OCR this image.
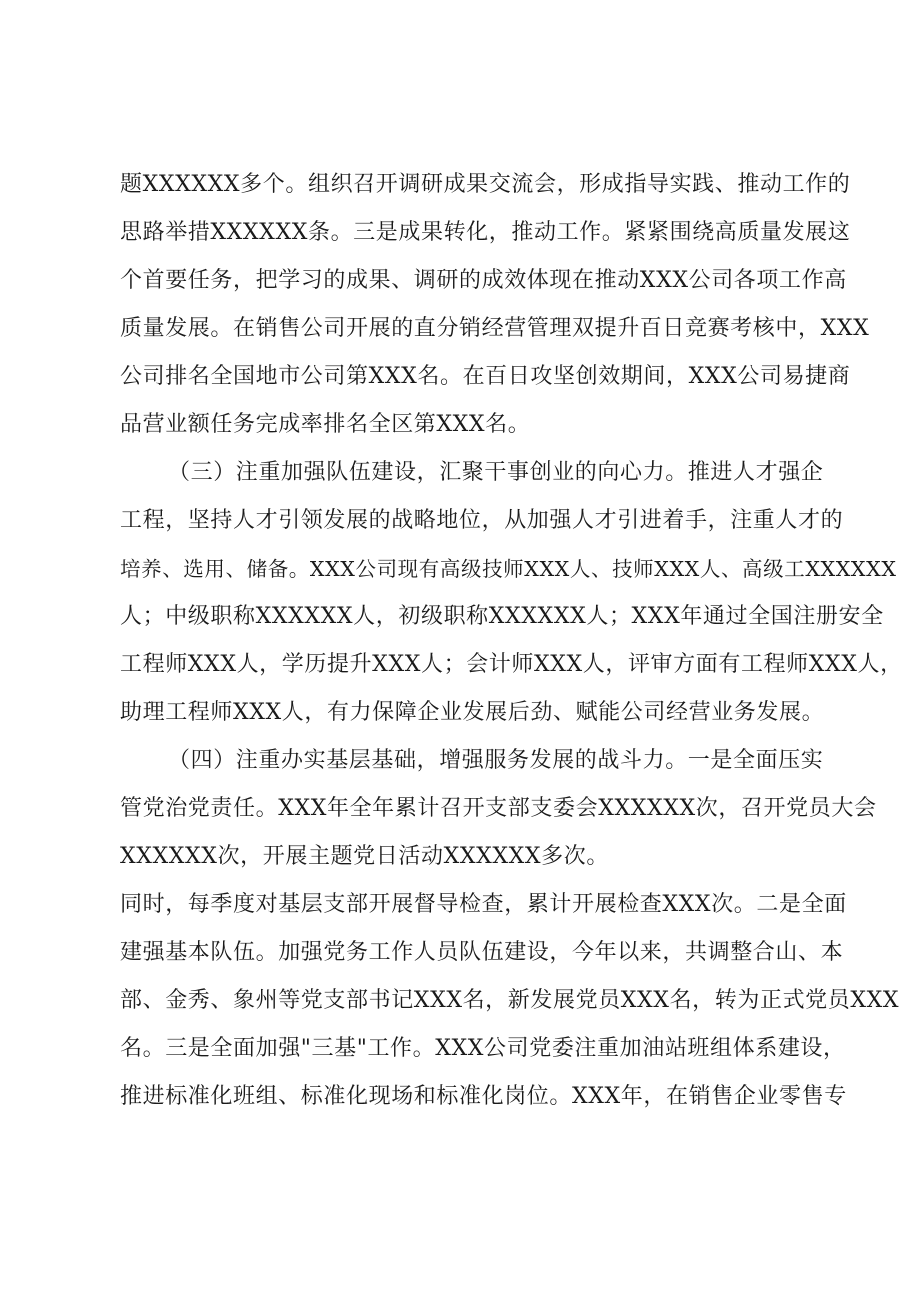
题XXXXXX多个。组织召开调研成果交流会，形成指导实践、推动工作的
思路举措XXXXXX条。三是成果转化，推动工作。紧紧围绕高质量发展这
个首要任务，把学习的成果、调研的成效体现在推动XXX公司各项工作高
质量发展。在销售公司开展的直分销经营管理双提升百日竞赛考核中，XXX
公司排名全国地市公司第XXX名。在百日攻坚创效期间，XXX公司易捷商
品营业额任务完成率排名全区第XXX名。
（三）注重加强队伍建设，汇聚干事创业的向心力。推进人才强企
工程，坚持人才引领发展的战略地位，从加强人才引进着手，注重人才的
培养、选用、储备。XXX公司现有高级技师XXX人、技师XXX人、高级工XXXXXX
人；中级职称XXXXXX人，初级职称XXXXXX人；XXX年通过全国注册安全
工程师XXX人，学历提升XXX人；会计师XXX人，评审方面有工程师XXX人，
助理工程师XXX人，有力保障企业发展后劲、赋能公司经营业务发展。
（四）注重办实基层基础，增强服务发展的战斗力。一是全面压实
管党治党责任。XXX年全年累计召开支部支委会XXXXXX次，召开党员大会
XXXXXX次，开展主题党日活动XXXXXX多次。
同时，每季度对基层支部开展督导检查，累计开展检查XXX次。二是全面
建强基本队伍。加强党务工作人员队伍建设，今年以来，共调整合山、本
部、金秀、象州等党支部书记XXX名，新发展党员XXX名，转为正式党员XXX
名。三是全面加强"三基"工作。XXX公司党委注重加油站班组体系建设，
推进标准化班组、标准化现场和标准化岗位。XXX年，在销售企业零售专
